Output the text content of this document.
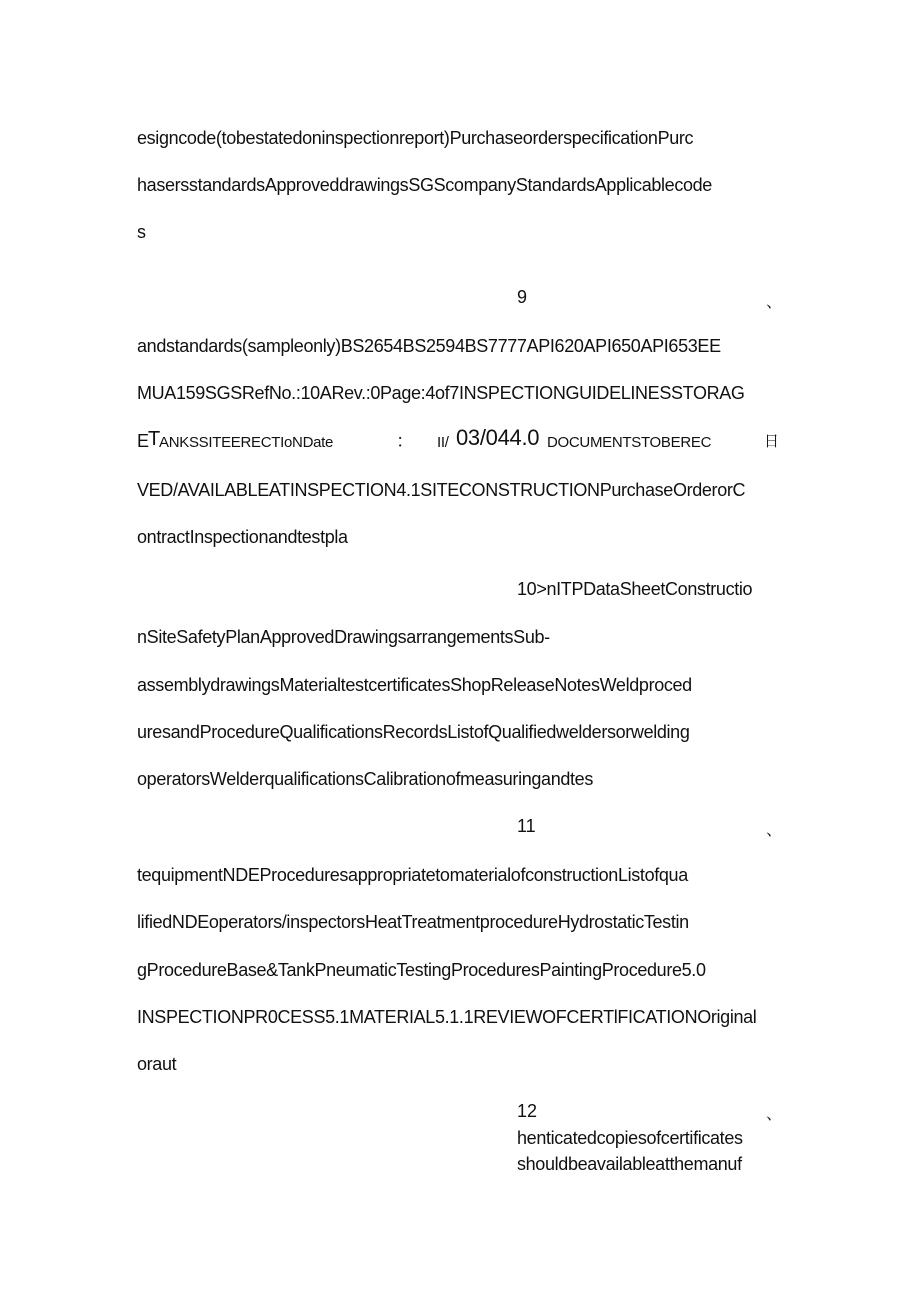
esigncode(tobestatedoninspectionreport)PurchaseorderspecificationPurc
hasersstandardsApproveddrawingsSGScompanyStandardsApplicablecode
s
9	、
andstandards(sampleonly)BS2654BS2594BS7777API620API650API653EE
MUA159SGSRefNo.:10ARev.:0Page:4of7INSPECTIONGUIDELINESSTORAG
E T
ANKSSITEERECTIoNDate	： II/ 03/044.0 DOCUMENTSTOBEREC	日
VED/AVAILABLEATINSPECTION4.1SITECONSTRUCTIONPurchaseOrderorC
ontractInspectionandtestpla
10>nITPDataSheetConstructio
nSiteSafetyPlanApprovedDrawingsarrangementsSub-
assemblydrawingsMaterialtestcertificatesShopReleaseNotesWeldproced
uresandProcedureQualificationsRecordsListofQualifiedweldersorwelding
operatorsWelderqualificationsCalibrationofmeasuringandtes
11	、
tequipmentNDEProceduresappropriatetomaterialofconstructionListofqua
lifiedNDEoperators/inspectorsHeatTreatmentprocedureHydrostaticTestin
gProcedureBase&TankPneumaticTestingProceduresPaintingProcedure5.0
INSPECTIONPR0CESS5.1MATERIAL5.1.1REVIEWOFCERTlFICATIONOriginal
oraut
12	、
henticatedcopiesofcertificates
shouldbeavailableatthemanuf
